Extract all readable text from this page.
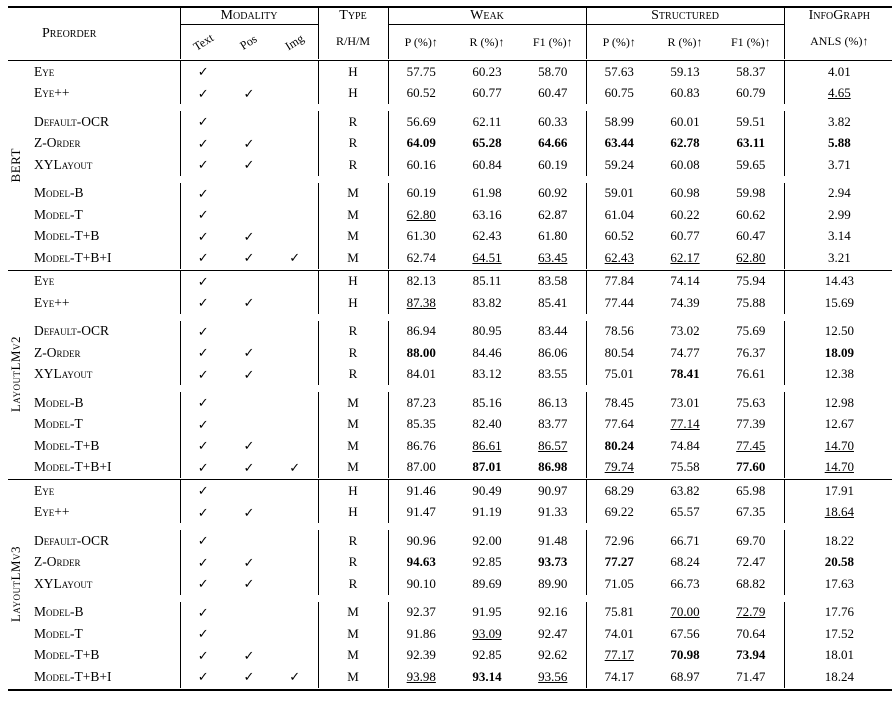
	Preorder	Modality			Type	Weak			Structured			InfoGraph
		Text	Pos	Img	R/H/M	P (%)↑	R (%)↑	F1 (%)↑	P (%)↑	R (%)↑	F1 (%)↑	ANLS (%)↑

BERT	Eye	✓			H	57.75	60.23	58.70	57.63	59.13	58.37	4.01
	Eye++	✓	✓		H	60.52	60.77	60.47	60.75	60.83	60.79	4.65

	Default-OCR	✓			R	56.69	62.11	60.33	58.99	60.01	59.51	3.82
	Z-Order	✓	✓		R	64.09	65.28	64.66	63.44	62.78	63.11	5.88
	XYLayout	✓	✓		R	60.16	60.84	60.19	59.24	60.08	59.65	3.71

	Model-B	✓			M	60.19	61.98	60.92	59.01	60.98	59.98	2.94
	Model-T	✓			M	62.80	63.16	62.87	61.04	60.22	60.62	2.99
	Model-T+B	✓	✓		M	61.30	62.43	61.80	60.52	60.77	60.47	3.14
	Model-T+B+I	✓	✓	✓	M	62.74	64.51	63.45	62.43	62.17	62.80	3.21

LayoutLMv2	Eye	✓			H	82.13	85.11	83.58	77.84	74.14	75.94	14.43
	Eye++	✓	✓		H	87.38	83.82	85.41	77.44	74.39	75.88	15.69

	Default-OCR	✓			R	86.94	80.95	83.44	78.56	73.02	75.69	12.50
	Z-Order	✓	✓		R	88.00	84.46	86.06	80.54	74.77	76.37	18.09
	XYLayout	✓	✓		R	84.01	83.12	83.55	75.01	78.41	76.61	12.38

	Model-B	✓			M	87.23	85.16	86.13	78.45	73.01	75.63	12.98
	Model-T	✓			M	85.35	82.40	83.77	77.64	77.14	77.39	12.67
	Model-T+B	✓	✓		M	86.76	86.61	86.57	80.24	74.84	77.45	14.70
	Model-T+B+I	✓	✓	✓	M	87.00	87.01	86.98	79.74	75.58	77.60	14.70

LayoutLMv3	Eye	✓			H	91.46	90.49	90.97	68.29	63.82	65.98	17.91
	Eye++	✓	✓		H	91.47	91.19	91.33	69.22	65.57	67.35	18.64

	Default-OCR	✓			R	90.96	92.00	91.48	72.96	66.71	69.70	18.22
	Z-Order	✓	✓		R	94.63	92.85	93.73	77.27	68.24	72.47	20.58
	XYLayout	✓	✓		R	90.10	89.69	89.90	71.05	66.73	68.82	17.63

	Model-B	✓			M	92.37	91.95	92.16	75.81	70.00	72.79	17.76
	Model-T	✓			M	91.86	93.09	92.47	74.01	67.56	70.64	17.52
	Model-T+B	✓	✓		M	92.39	92.85	92.62	77.17	70.98	73.94	18.01
	Model-T+B+I	✓	✓	✓	M	93.98	93.14	93.56	74.17	68.97	71.47	18.24
